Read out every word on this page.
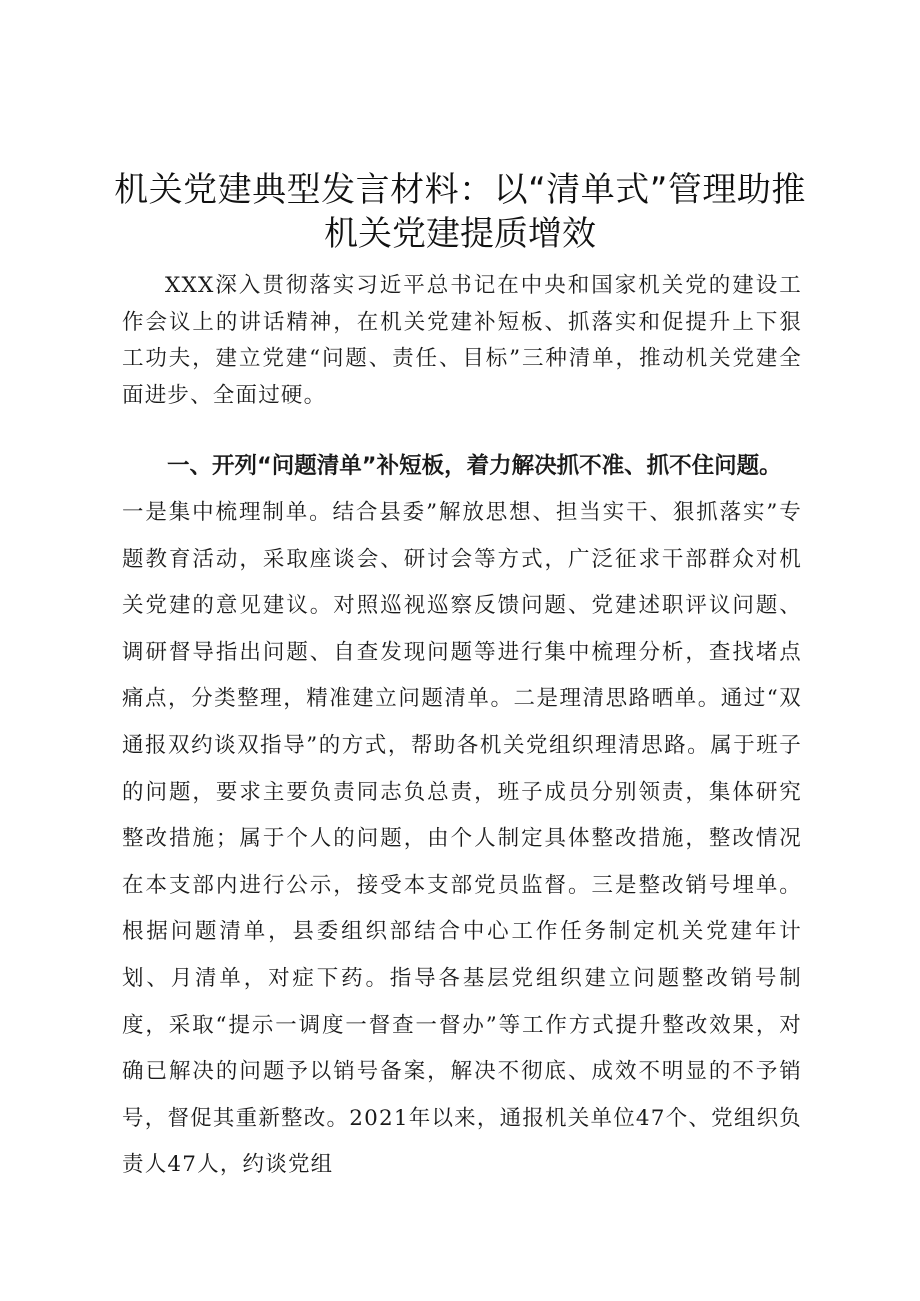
机关党建典型发言材料：以“清单式”管理助推
机关党建提质增效

XXX深入贯彻落实习近平总书记在中央和国家机关党的建设工作会议上的讲话精神，在机关党建补短板、抓落实和促提升上下狠工功夫，建立党建“问题、责任、目标”三种清单，推动机关党建全面进步、全面过硬。

一、开列“问题清单”补短板，着力解决抓不准、抓不住问题。

一是集中梳理制单。结合县委”解放思想、担当实干、狠抓落实”专题教育活动，采取座谈会、研讨会等方式，广泛征求干部群众对机关党建的意见建议。对照巡视巡察反馈问题、党建述职评议问题、调研督导指出问题、自查发现问题等进行集中梳理分析，查找堵点痛点，分类整理，精准建立问题清单。二是理清思路晒单。通过“双通报双约谈双指导”的方式，帮助各机关党组织理清思路。属于班子的问题，要求主要负责同志负总责，班子成员分别领责，集体研究整改措施；属于个人的问题，由个人制定具体整改措施，整改情况在本支部内进行公示，接受本支部党员监督。三是整改销号埋单。根据问题清单，县委组织部结合中心工作任务制定机关党建年计划、月清单，对症下药。指导各基层党组织建立问题整改销号制度，采取“提示一调度一督查一督办”等工作方式提升整改效果，对确已解决的问题予以销号备案，解决不彻底、成效不明显的不予销号，督促其重新整改。2021年以来，通报机关单位47个、党组织负责人47人，约谈党组
